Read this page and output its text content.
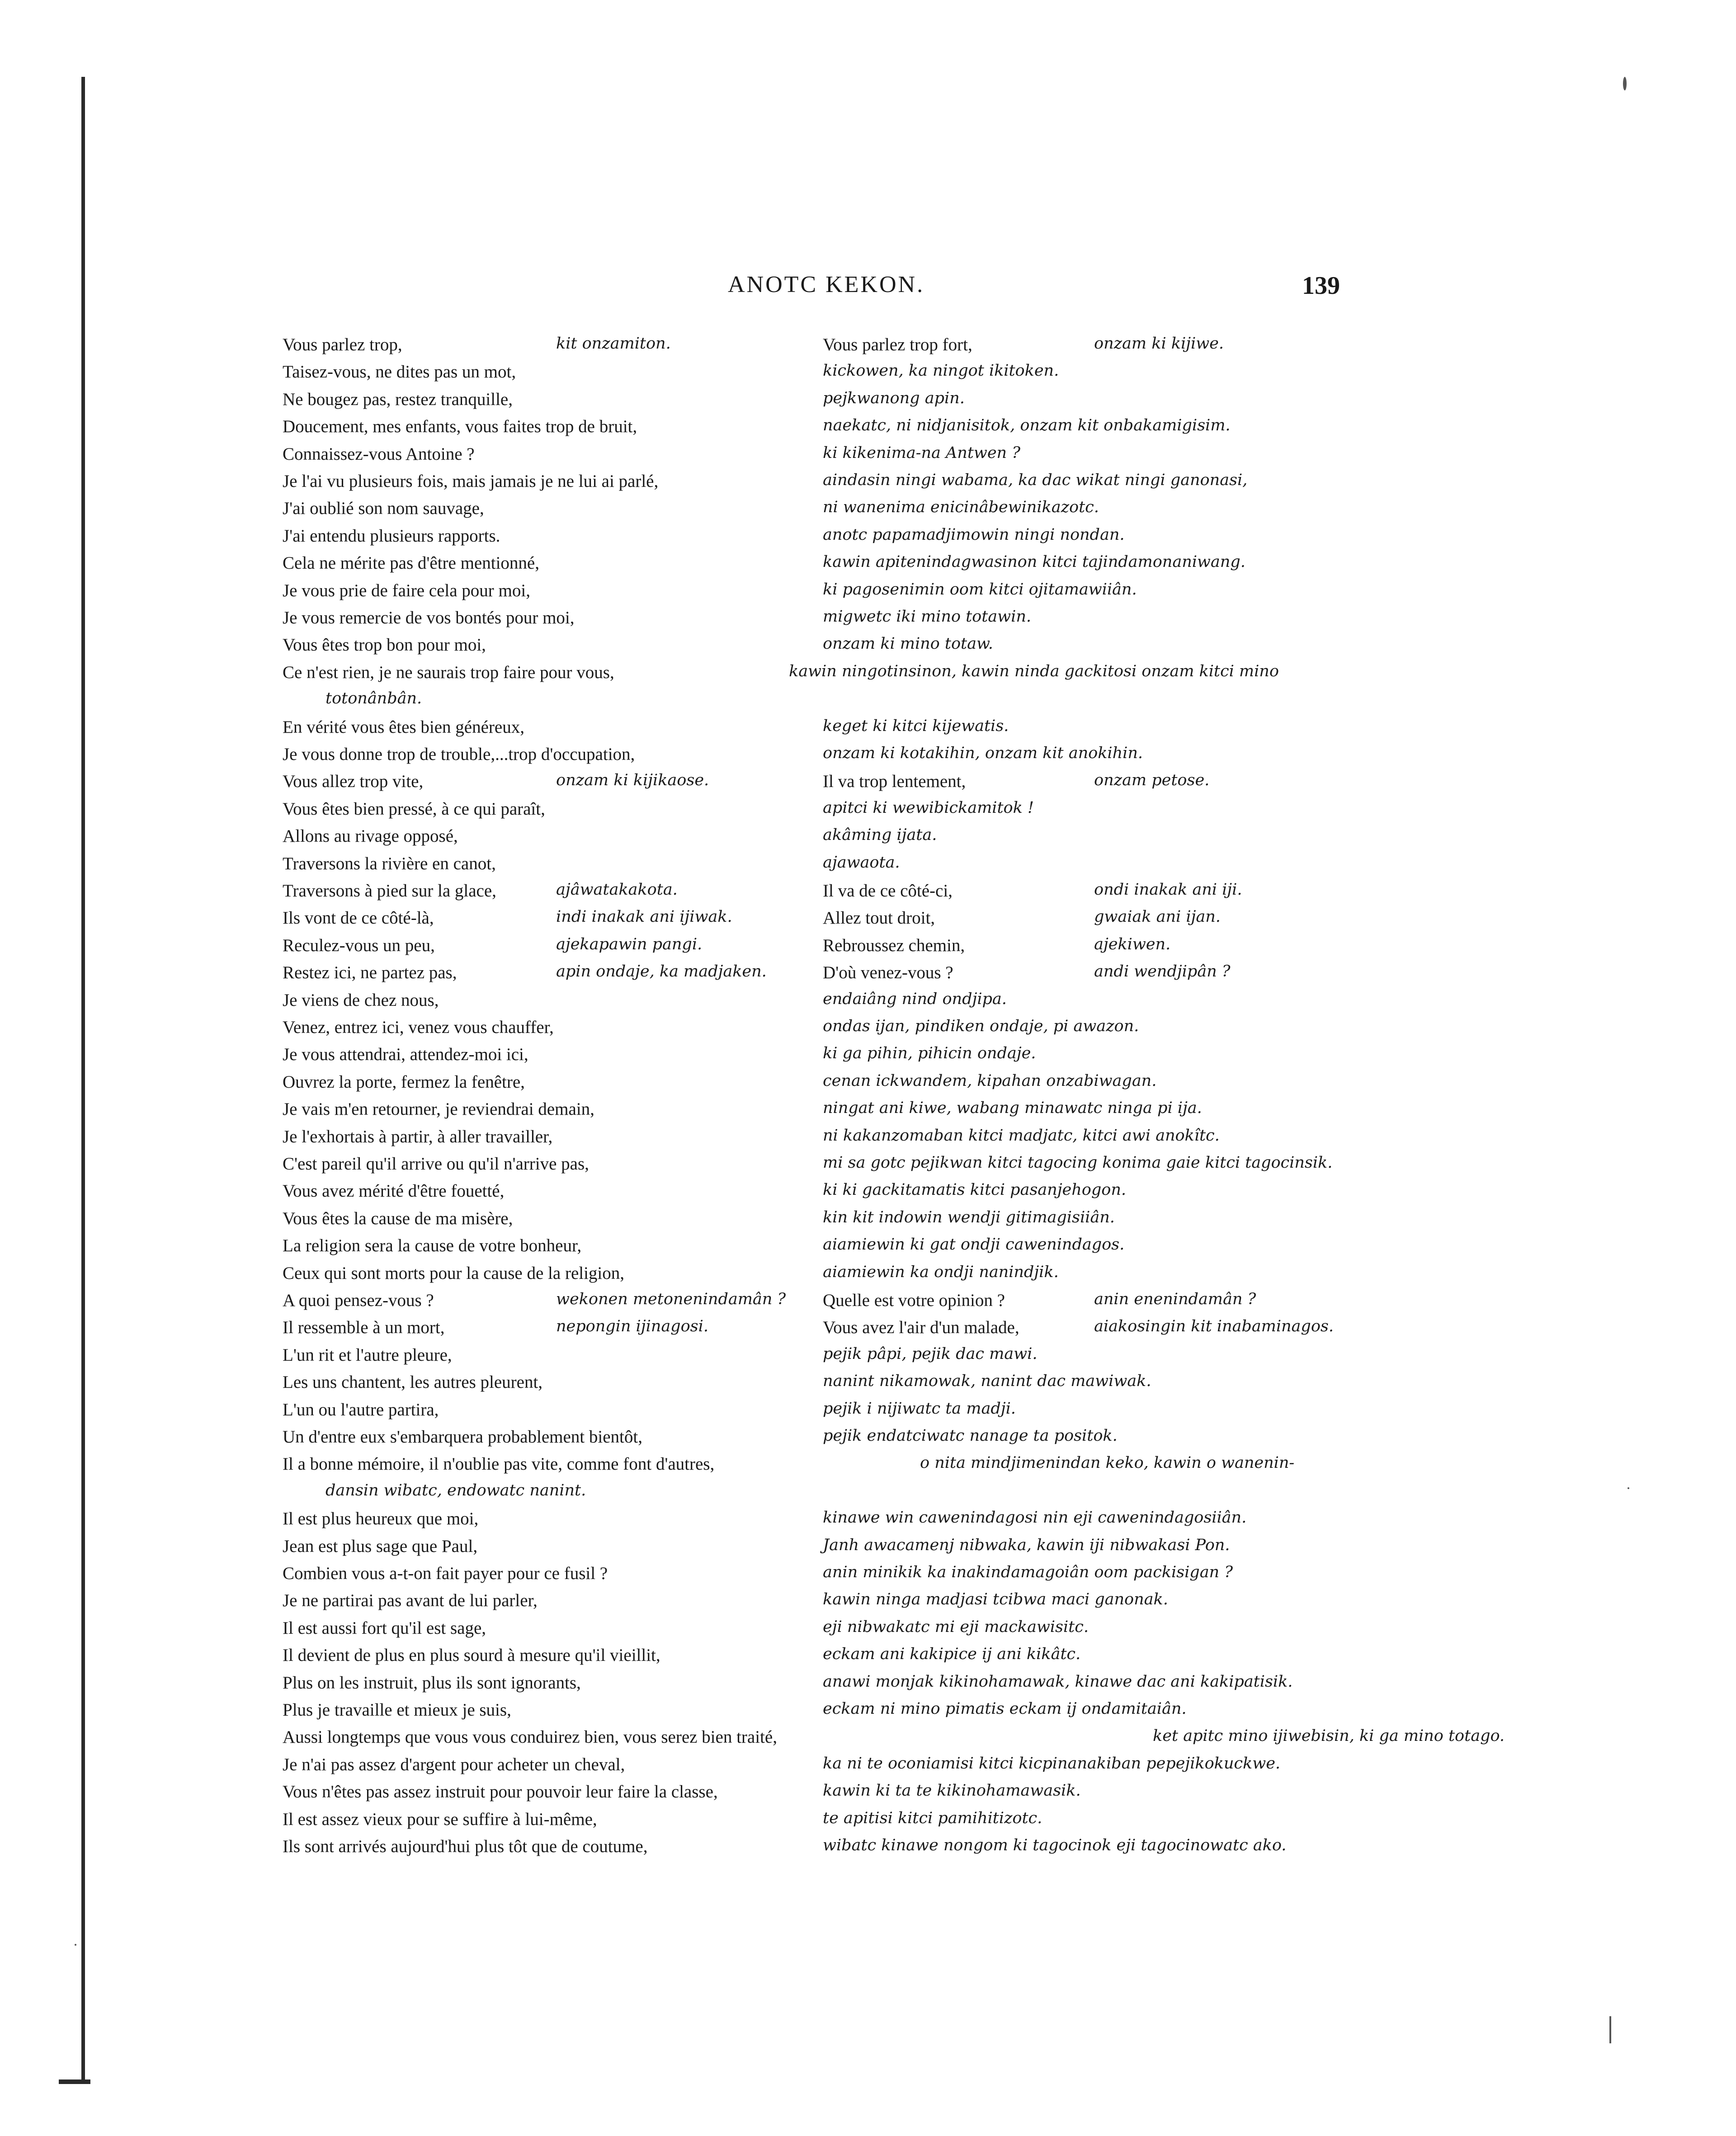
ANOTC KEKON.	139
Vous parlez trop,	kit onzamiton.	Vous parlez trop fort,	onzam ki kijiwe.
Taisez-vous, ne dites pas un mot,	kickowen, ka ningot ikitoken.
Ne bougez pas, restez tranquille,	pejkwanong apin.
Doucement, mes enfants, vous faites trop de bruit,	naekatc, ni nidjanisitok, onzam kit onbakamigisim.
Connaissez-vous Antoine ?	ki kikenima-na Antwen ?
Je l'ai vu plusieurs fois, mais jamais je ne lui ai parlé,	aindasin ningi wabama, ka dac wikat ningi ganonasi,
J'ai oublié son nom sauvage,	ni wanenima enicinâbewinikazotc.
J'ai entendu plusieurs rapports.	anotc papamadjimowin ningi nondan.
Cela ne mérite pas d'être mentionné,	kawin apitenindagwasinon kitci tajindamonaniwang.
Je vous prie de faire cela pour moi,	ki pagosenimin oom kitci ojitamawiiân.
Je vous remercie de vos bontés pour moi,	migwetc iki mino totawin.
Vous êtes trop bon pour moi,	onzam ki mino totaw.
Ce n'est rien, je ne saurais trop faire pour vous,	kawin ningotinsinon, kawin ninda gackitosi onzam kitci mino
totonânbân.
En vérité vous êtes bien généreux,	keget ki kitci kijewatis.
Je vous donne trop de trouble,...trop d'occupation,	onzam ki kotakihin, onzam kit anokihin.
Vous allez trop vite,	onzam ki kijikaose.	Il va trop lentement,	onzam petose.
Vous êtes bien pressé, à ce qui paraît,	apitci ki wewibickamitok !
Allons au rivage opposé,	akâming ijata.
Traversons la rivière en canot,	ajawaota.
Traversons à pied sur la glace,	ajâwatakakota.	Il va de ce côté-ci,	ondi inakak ani iji.
Ils vont de ce côté-là,	indi inakak ani ijiwak.	Allez tout droit,	gwaiak ani ijan.
Reculez-vous un peu,	ajekapawin pangi.	Rebroussez chemin,	ajekiwen.
Restez ici, ne partez pas,	apin ondaje, ka madjaken.	D'où venez-vous ?	andi wendjipân ?
Je viens de chez nous,	endaiâng nind ondjipa.
Venez, entrez ici, venez vous chauffer,	ondas ijan, pindiken ondaje, pi awazon.
Je vous attendrai, attendez-moi ici,	ki ga pihin, pihicin ondaje.
Ouvrez la porte, fermez la fenêtre,	cenan ickwandem, kipahan onzabiwagan.
Je vais m'en retourner, je reviendrai demain,	ningat ani kiwe, wabang minawatc ninga pi ija.
Je l'exhortais à partir, à aller travailler,	ni kakanzomaban kitci madjatc, kitci awi anokîtc.
C'est pareil qu'il arrive ou qu'il n'arrive pas,	mi sa gotc pejikwan kitci tagocing konima gaie kitci tagocinsik.
Vous avez mérité d'être fouetté,	ki ki gackitamatis kitci pasanjehogon.
Vous êtes la cause de ma misère,	kin kit indowin wendji gitimagisiiân.
La religion sera la cause de votre bonheur,	aiamiewin ki gat ondji cawenindagos.
Ceux qui sont morts pour la cause de la religion,	aiamiewin ka ondji nanindjik.
A quoi pensez-vous ?	wekonen metonenindamân ? Quelle est votre opinion ?	anin enenindamân ?
Il ressemble à un mort,	nepongin ijinagosi.	Vous avez l'air d'un malade,	aiakosingin kit inabaminagos.
L'un rit et l'autre pleure,	pejik pâpi, pejik dac mawi.
Les uns chantent, les autres pleurent,	nanint nikamowak, nanint dac mawiwak.
L'un ou l'autre partira,	pejik i nijiwatc ta madji.
Un d'entre eux s'embarquera probablement bientôt,	pejik endatciwatc nanage ta positok.
Il a bonne mémoire, il n'oublie pas vite, comme font d'autres,	o nita mindjimenindan keko, kawin o wanenin-
dansin wibatc, endowatc nanint.
Il est plus heureux que moi,	kinawe win cawenindagosi nin eji cawenindagosiiân.
Jean est plus sage que Paul,	Janh awacamenj nibwaka, kawin iji nibwakasi Pon.
Combien vous a-t-on fait payer pour ce fusil ?	anin minikik ka inakindamagoiân oom packisigan ?
Je ne partirai pas avant de lui parler,	kawin ninga madjasi tcibwa maci ganonak.
Il est aussi fort qu'il est sage,	eji nibwakatc mi eji mackawisitc.
Il devient de plus en plus sourd à mesure qu'il vieillit,	eckam ani kakipice ij ani kikâtc.
Plus on les instruit, plus ils sont ignorants,	anawi monjak kikinohamawak, kinawe dac ani kakipatisik.
Plus je travaille et mieux je suis,	eckam ni mino pimatis eckam ij ondamitaiân.
Aussi longtemps que vous vous conduirez bien, vous serez bien traité,	ket apitc mino ijiwebisin, ki ga mino totago.
Je n'ai pas assez d'argent pour acheter un cheval,	ka ni te oconiamisi kitci kicpinanakiban pepejikokuckwe.
Vous n'êtes pas assez instruit pour pouvoir leur faire la classe,	kawin ki ta te kikinohamawasik.
Il est assez vieux pour se suffire à lui-même,	te apitisi kitci pamihitizotc.
Ils sont arrivés aujourd'hui plus tôt que de coutume,	wibatc kinawe nongom ki tagocinok eji tagocinowatc ako.
